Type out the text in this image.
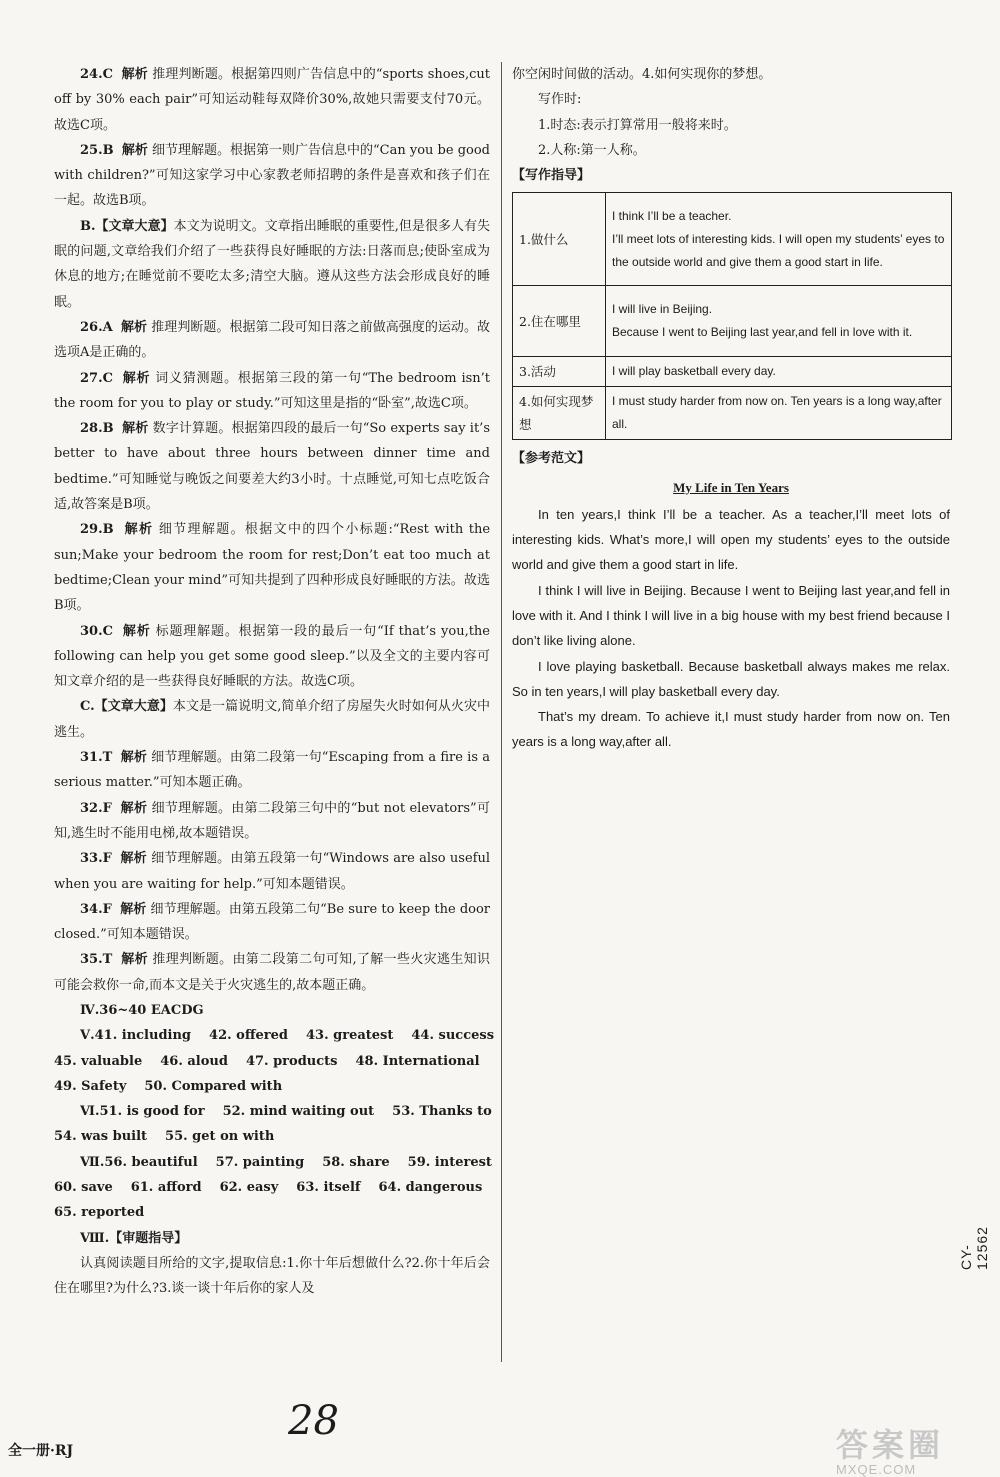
24.C 解析 推理判断题。根据第四则广告信息中的“sports shoes,cut off by 30% each pair”可知运动鞋每双降价30%,故她只需要支付70元。故选C项。

25.B 解析 细节理解题。根据第一则广告信息中的“Can you be good with children?”可知这家学习中心家教老师招聘的条件是喜欢和孩子们在一起。故选B项。

B.【文章大意】本文为说明文。文章指出睡眠的重要性,但是很多人有失眠的问题,文章给我们介绍了一些获得良好睡眠的方法:日落而息;使卧室成为休息的地方;在睡觉前不要吃太多;清空大脑。遵从这些方法会形成良好的睡眠。

26.A 解析 推理判断题。根据第二段可知日落之前做高强度的运动。故选项A是正确的。

27.C 解析 词义猜测题。根据第三段的第一句“The bedroom isn’t the room for you to play or study.”可知这里是指的“卧室”,故选C项。

28.B 解析 数字计算题。根据第四段的最后一句“So experts say it’s better to have about three hours between dinner time and bedtime.”可知睡觉与晚饭之间要差大约3小时。十点睡觉,可知七点吃饭合适,故答案是B项。

29.B 解析 细节理解题。根据文中的四个小标题:“Rest with the sun;Make your bedroom the room for rest;Don’t eat too much at bedtime;Clean your mind”可知共提到了四种形成良好睡眠的方法。故选B项。

30.C 解析 标题理解题。根据第一段的最后一句“If that’s you,the following can help you get some good sleep.”以及全文的主要内容可知文章介绍的是一些获得良好睡眠的方法。故选C项。

C.【文章大意】本文是一篇说明文,简单介绍了房屋失火时如何从火灾中逃生。

31.T 解析 细节理解题。由第二段第一句“Escaping from a fire is a serious matter.”可知本题正确。

32.F 解析 细节理解题。由第二段第三句中的“but not elevators”可知,逃生时不能用电梯,故本题错误。

33.F 解析 细节理解题。由第五段第一句“Windows are also useful when you are waiting for help.”可知本题错误。

34.F 解析 细节理解题。由第五段第二句“Be sure to keep the door closed.”可知本题错误。

35.T 解析 推理判断题。由第二段第二句可知,了解一些火灾逃生知识可能会救你一命,而本文是关于火灾逃生的,故本题正确。

Ⅳ.36~40 EACDG

Ⅴ.41. including 42. offered 43. greatest 44. success

45. valuable 46. aloud 47. products 48. International

49. Safety 50. Compared with

Ⅵ.51. is good for 52. mind waiting out 53. Thanks to

54. was built 55. get on with

Ⅶ.56. beautiful 57. painting 58. share 59. interest

60. save 61. afford 62. easy 63. itself 64. dangerous

65. reported

Ⅷ.【审题指导】

认真阅读题目所给的文字,提取信息:1.你十年后想做什么?2.你十年后会住在哪里?为什么?3.谈一谈十年后你的家人及

你空闲时间做的活动。4.如何实现你的梦想。

写作时:

1.时态:表示打算常用一般将来时。

2.人称:第一人称。

【写作指导】

1.做什么	I think I’ll be a teacher.
I’ll meet lots of interesting kids. I will open my students’ eyes to the outside world and give them a good start in life.
2.住在哪里	I will live in Beijing.
Because I went to Beijing last year,and fell in love with it.
3.活动	I will play basketball every day.
4.如何实现梦想	I must study harder from now on. Ten years is a long way,after all.

【参考范文】

My Life in Ten Years

In ten years,I think I’ll be a teacher. As a teacher,I’ll meet lots of interesting kids. What’s more,I will open my students’ eyes to the outside world and give them a good start in life.

I think I will live in Beijing. Because I went to Beijing last year,and fell in love with it. And I think I will live in a big house with my best friend because I don’t like living alone.

I love playing basketball. Because basketball always makes me relax. So in ten years,I will play basketball every day.

That’s my dream. To achieve it,I must study harder from now on. Ten years is a long way,after all.

全一册·RJ
28
CY-12562
答案圈
MXQE.COM
